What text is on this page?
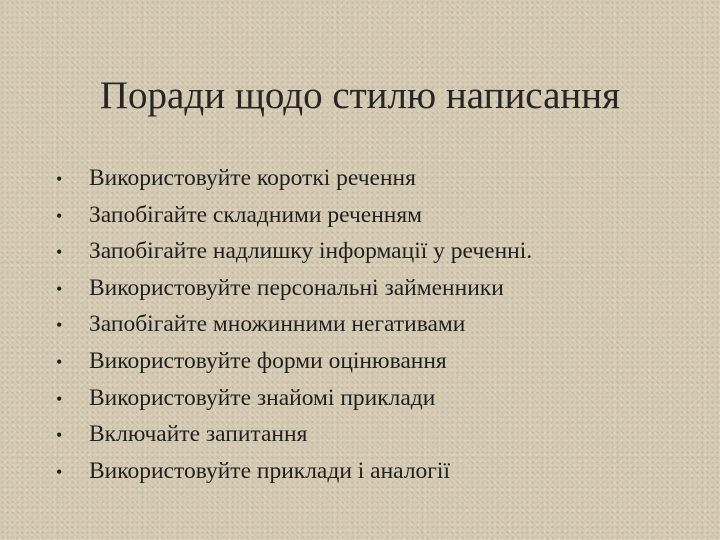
Поради щодо стилю написання
•	Використовуйте короткі речення
•	Запобігайте складними реченням
•	Запобігайте надлишку інформації у реченні.
•	Використовуйте персональні займенники
•	Запобігайте множинними негативами
•	Використовуйте форми оцінювання
•	Використовуйте знайомі приклади
•	Включайте запитання
•	Використовуйте приклади і аналогії
